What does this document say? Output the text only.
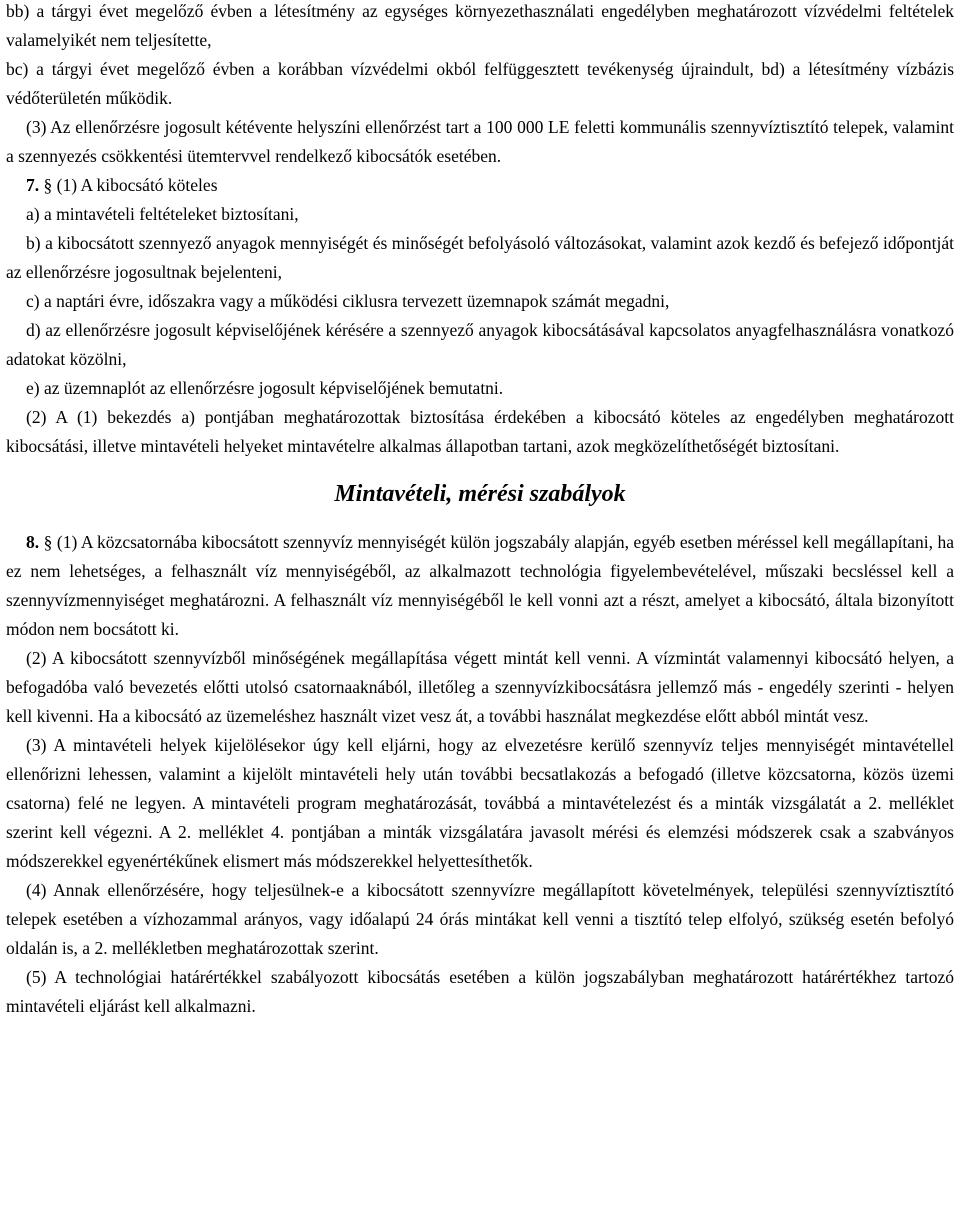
bb) a tárgyi évet megelőző évben a létesítmény az egységes környezethasználati engedélyben meghatározott vízvédelmi feltételek valamelyikét nem teljesítette,

bc) a tárgyi évet megelőző évben a korábban vízvédelmi okból felfüggesztett tevékenység újraindult, bd) a létesítmény vízbázis védőterületén működik.

(3) Az ellenőrzésre jogosult kétévente helyszíni ellenőrzést tart a 100 000 LE feletti kommunális szennyvíztisztító telepek, valamint a szennyezés csökkentési ütemtervvel rendelkező kibocsátók esetében.

7. § (1) A kibocsátó köteles

a) a mintavételi feltételeket biztosítani,

b) a kibocsátott szennyező anyagok mennyiségét és minőségét befolyásoló változásokat, valamint azok kezdő és befejező időpontját az ellenőrzésre jogosultnak bejelenteni,

c) a naptári évre, időszakra vagy a működési ciklusra tervezett üzemnapok számát megadni,

d) az ellenőrzésre jogosult képviselőjének kérésére a szennyező anyagok kibocsátásával kapcsolatos anyagfelhasználásra vonatkozó adatokat közölni,

e) az üzemnaplót az ellenőrzésre jogosult képviselőjének bemutatni.

(2) A (1) bekezdés a) pontjában meghatározottak biztosítása érdekében a kibocsátó köteles az engedélyben meghatározott kibocsátási, illetve mintavételi helyeket mintavételre alkalmas állapotban tartani, azok megközelíthetőségét biztosítani.

Mintavételi, mérési szabályok

8. § (1) A közcsatornába kibocsátott szennyvíz mennyiségét külön jogszabály alapján, egyéb esetben méréssel kell megállapítani, ha ez nem lehetséges, a felhasznált víz mennyiségéből, az alkalmazott technológia figyelembevételével, műszaki becsléssel kell a szennyvízmennyiséget meghatározni. A felhasznált víz mennyiségéből le kell vonni azt a részt, amelyet a kibocsátó, általa bizonyított módon nem bocsátott ki.

(2) A kibocsátott szennyvízből minőségének megállapítása végett mintát kell venni. A vízmintát valamennyi kibocsátó helyen, a befogadóba való bevezetés előtti utolsó csatornaaknából, illetőleg a szennyvízkibocsátásra jellemző más - engedély szerinti - helyen kell kivenni. Ha a kibocsátó az üzemeléshez használt vizet vesz át, a további használat megkezdése előtt abból mintát vesz.

(3) A mintavételi helyek kijelölésekor úgy kell eljárni, hogy az elvezetésre kerülő szennyvíz teljes mennyiségét mintavétellel ellenőrizni lehessen, valamint a kijelölt mintavételi hely után további becsatlakozás a befogadó (illetve közcsatorna, közös üzemi csatorna) felé ne legyen. A mintavételi program meghatározását, továbbá a mintavételezést és a minták vizsgálatát a 2. melléklet szerint kell végezni. A 2. melléklet 4. pontjában a minták vizsgálatára javasolt mérési és elemzési módszerek csak a szabványos módszerekkel egyenértékűnek elismert más módszerekkel helyettesíthetők.

(4) Annak ellenőrzésére, hogy teljesülnek-e a kibocsátott szennyvízre megállapított követelmények, települési szennyvíztisztító telepek esetében a vízhozammal arányos, vagy időalapú 24 órás mintákat kell venni a tisztító telep elfolyó, szükség esetén befolyó oldalán is, a 2. mellékletben meghatározottak szerint.

(5) A technológiai határértékkel szabályozott kibocsátás esetében a külön jogszabályban meghatározott határértékhez tartozó mintavételi eljárást kell alkalmazni.
